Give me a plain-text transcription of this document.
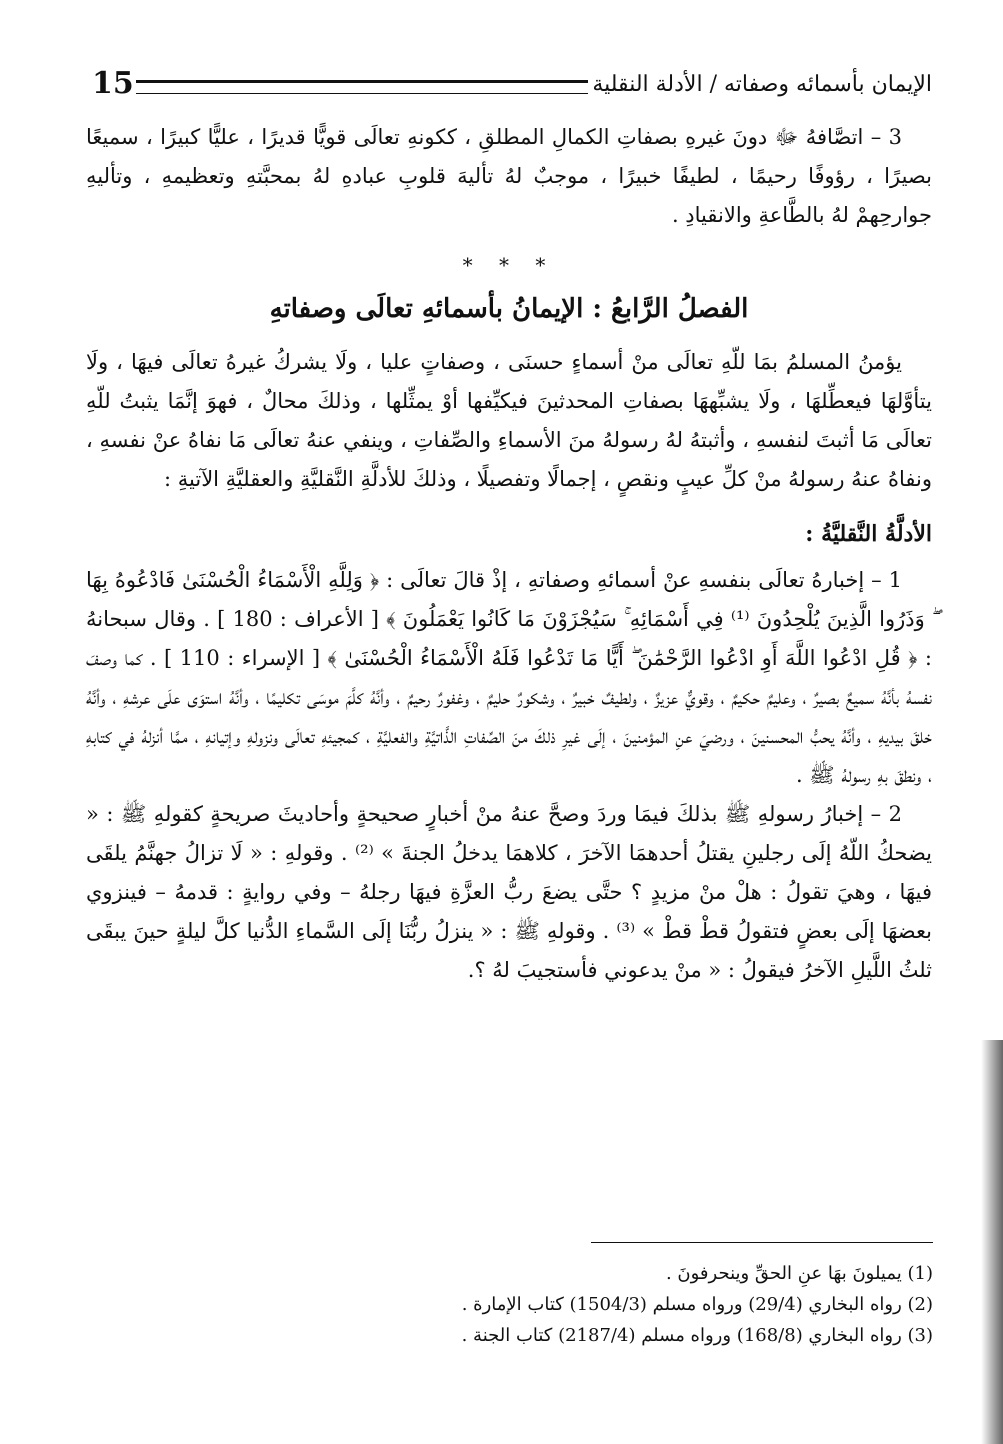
15	الإيمان بأسمائه وصفاته / الأدلة النقلية

3 – اتصَّافهُ ﷻ دونَ غيرهِ بصفاتِ الكمالِ المطلقِ ، ككونهِ تعالَى قويًّا قديرًا ، عليًّا كبيرًا ، سميعًا بصيرًا ، رؤوفًا رحيمًا ، لطيفًا خبيرًا ، موجبٌ لهُ تأليهَ قلوبِ عبادهِ لهُ بمحبَّتهِ وتعظيمهِ ، وتأليهِ جوارحِهمْ لهُ بالطَّاعةِ والانقيادِ .

* * *
الفصلُ الرَّابعُ : الإيمانُ بأسمائهِ تعالَى وصفاتهِ

يؤمنُ المسلمُ بمَا للّهِ تعالَى منْ أسماءٍ حسنَى ، وصفاتٍ عليا ، ولَا يشركُ غيرهُ تعالَى فيهَا ، ولَا يتأوَّلهَا فيعطِّلهَا ، ولَا يشبِّههَا بصفاتِ المحدثينَ فيكيِّفها أوْ يمثِّلها ، وذلكَ محالٌ ، فهوَ إنَّمَا يثبتُ للّهِ تعالَى مَا أثبتَ لنفسهِ ، وأثبتهُ لهُ رسولهُ منَ الأسماءِ والصِّفاتِ ، وينفي عنهُ تعالَى مَا نفاهُ عنْ نفسهِ ، ونفاهُ عنهُ رسولهُ منْ كلِّ عيبٍ ونقصٍ ، إجمالًا وتفصيلًا ، وذلكَ للأدلَّةِ النَّقليَّةِ والعقليَّةِ الآتيةِ :

الأدلَّةُ النَّقليَّةُ :

1 – إخبارهُ تعالَى بنفسهِ عنْ أسمائهِ وصفاتهِ ، إذْ قالَ تعالَى : ﴿ وَلِلَّهِ الْأَسْمَاءُ الْحُسْنَىٰ فَادْعُوهُ بِهَا ۖ وَذَرُوا الَّذِينَ يُلْحِدُونَ ⁽¹⁾ فِي أَسْمَائِهِ ۚ سَيُجْزَوْنَ مَا كَانُوا يَعْمَلُونَ ﴾ [ الأعراف : 180 ] . وقال سبحانهُ : ﴿ قُلِ ادْعُوا اللَّهَ أَوِ ادْعُوا الرَّحْمَٰنَ ۖ أَيًّا مَا تَدْعُوا فَلَهُ الْأَسْمَاءُ الْحُسْنَىٰ ﴾ [ الإسراء : 110 ] . كما وصفَ نفسهُ بأنَّهُ سميعٌ بصيرٌ ، وعليمٌ حكيمٌ ، وقويٌّ عزيزٌ ، ولطيفٌ خبيرٌ ، وشكورٌ حليمٌ ، وغفورٌ رحيمٌ ، وأنَّهُ كلَّمَ موسَى تكليمًا ، وأنَّهُ استوَى علَى عرشهِ ، وأنَّهُ خلقَ بيديهِ ، وأنَّهُ يحبُّ المحسنينَ ، ورضيَ عنِ المؤمنينَ ، إلَى غيرِ ذلكَ منَ الصِّفاتِ الذَّاتيَّةِ والفعليَّةِ ، كمجيئهِ تعالَى ونزولهِ وإتيانهِ ، ممَّا أنزلهُ في كتابهِ ، ونطقَ بهِ رسولهُ ﷺ .

2 – إخبارُ رسولهِ ﷺ بذلكَ فيمَا وردَ وصحَّ عنهُ منْ أخبارٍ صحيحةٍ وأحاديثَ صريحةٍ كقولهِ ﷺ : « يضحكُ اللّهُ إلَى رجلينِ يقتلُ أحدهمَا الآخرَ ، كلاهمَا يدخلُ الجنةَ » ⁽²⁾ . وقولهِ : « لَا تزالُ جهنَّمُ يلقَى فيهَا ، وهيَ تقولُ : هلْ منْ مزيدٍ ؟ حتَّى يضعَ ربُّ العزَّةِ فيهَا رجلهُ – وفي روايةٍ : قدمهُ – فينزوي بعضهَا إلَى بعضٍ فتقولُ قطْ قطْ » ⁽³⁾ . وقولهِ ﷺ : « ينزلُ ربُّنَا إلَى السَّماءِ الدُّنيا كلَّ ليلةٍ حينَ يبقَى ثلثُ اللَّيلِ الآخرُ فيقولُ : « منْ يدعوني فأستجيبَ لهُ ؟.

(1) يميلونَ بهَا عنِ الحقِّ وينحرفونَ .

(2) رواه البخاري (29/4) ورواه مسلم (1504/3) كتاب الإمارة .

(3) رواه البخاري (168/8) ورواه مسلم (2187/4) كتاب الجنة .
